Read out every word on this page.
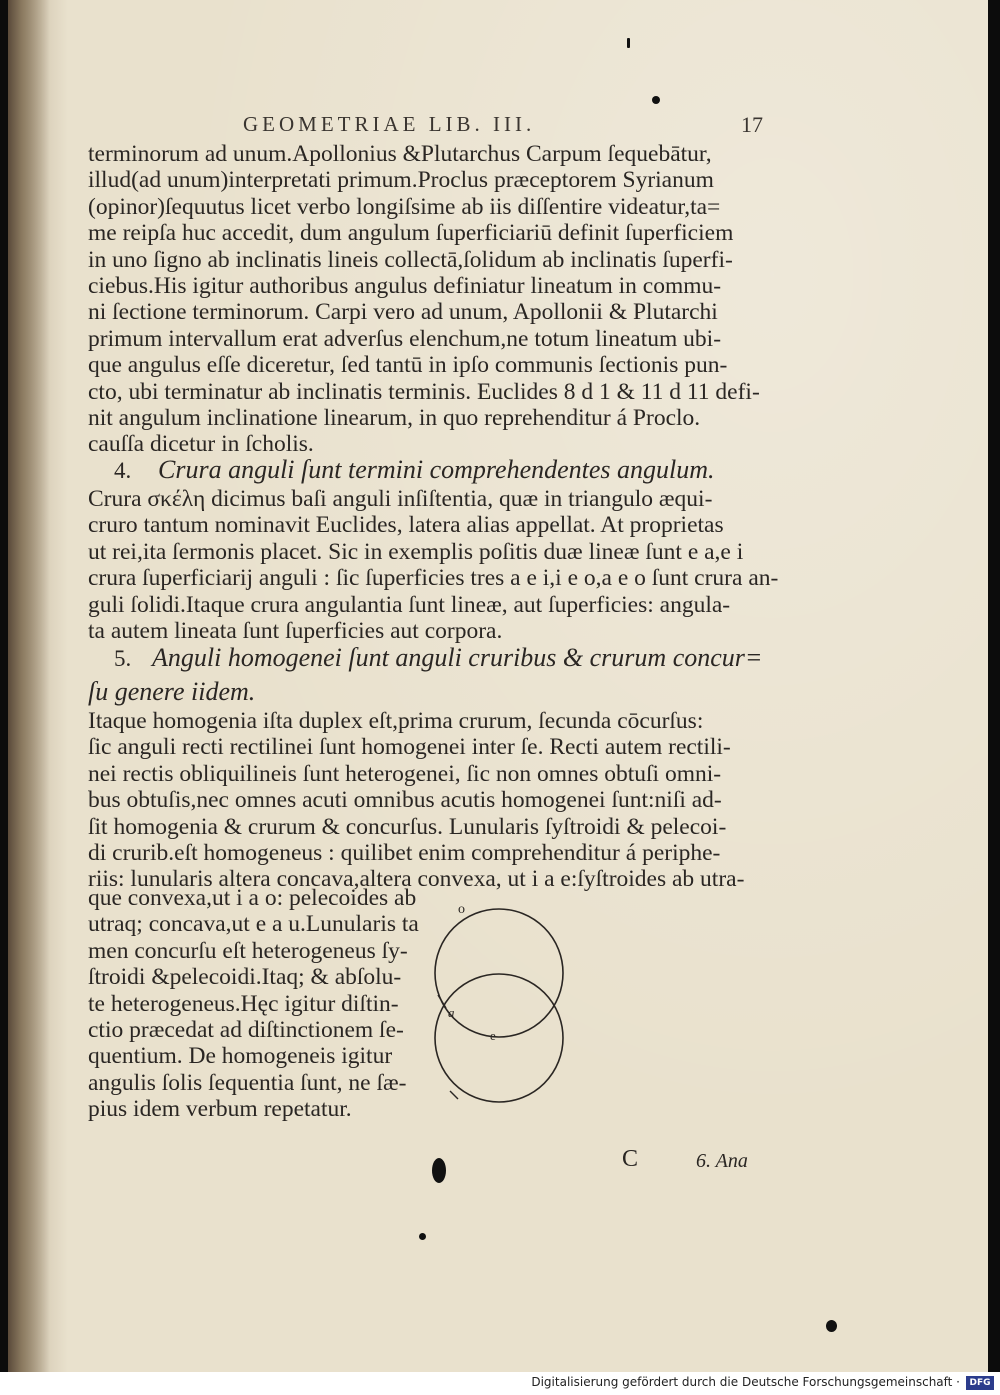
GEOMETRIAE LIB. III.	17
terminorum ad unum.Apollonius &Plutarchus Carpum ſequebātur,
illud(ad unum)interpretati primum.Proclus præceptorem Syrianum
(opinor)ſequutus licet verbo longiſsime ab iis diſſentire videatur,ta=
me reipſa huc accedit, dum angulum ſuperficiariū definit ſuperficiem
in uno ſigno ab inclinatis lineis collectā,ſolidum ab inclinatis ſuperfi-
ciebus.His igitur authoribus angulus definiatur lineatum in commu-
ni ſectione terminorum. Carpi vero ad unum, Apollonii & Plutarchi
primum intervallum erat adverſus elenchum,ne totum lineatum ubi-
que angulus eſſe diceretur, ſed tantū in ipſo communis ſectionis pun-
cto, ubi terminatur ab inclinatis terminis. Euclides 8 d 1 & 11 d 11 defi-
nit angulum inclinatione linearum, in quo reprehenditur á Proclo.
cauſſa dicetur in ſcholis.
4. Crura anguli ſunt termini comprehendentes angulum.
Crura σκέλη dicimus baſi anguli inſiſtentia, quæ in triangulo æqui-
cruro tantum nominavit Euclides, latera alias appellat. At proprietas
ut rei,ita ſermonis placet. Sic in exemplis poſitis duæ lineæ ſunt e a,e i
crura ſuperficiarij anguli : ſic ſuperficies tres a e i,i e o,a e o ſunt crura an-
guli ſolidi.Itaque crura angulantia ſunt lineæ, aut ſuperficies: angula-
ta autem lineata ſunt ſuperficies aut corpora.
5. Anguli homogenei ſunt anguli cruribus & crurum concur=
ſu genere iidem.
Itaque homogenia iſta duplex eſt,prima crurum, ſecunda cōcurſus:
ſic anguli recti rectilinei ſunt homogenei inter ſe. Recti autem rectili-
nei rectis obliquilineis ſunt heterogenei, ſic non omnes obtuſi omni-
bus obtuſis,nec omnes acuti omnibus acutis homogenei ſunt:niſi ad-
ſit homogenia & crurum & concurſus. Lunularis ſyſtroidi & pelecoi-
di crurib.eſt homogeneus : quilibet enim comprehenditur á periphe-
riis: lunularis altera concava,altera convexa, ut i a e:ſyſtroides ab utra-
que convexa,ut i a o: pelecoides ab
utraq; concava,ut e a u.Lunularis ta
men concurſu eſt heterogeneus ſy-
ſtroidi &pelecoidi.Itaq; & abſolu-
te heterogeneus.Hęc igitur diſtin-
ctio præcedat ad diſtinctionem ſe-
quentium. De homogeneis igitur
angulis ſolis ſequentia ſunt, ne ſæ-
pius idem verbum repetatur.
o
a
e
C	6. Ana
Digitalisierung gefördert durch die Deutsche Forschungsgemeinschaft ·	DFG
